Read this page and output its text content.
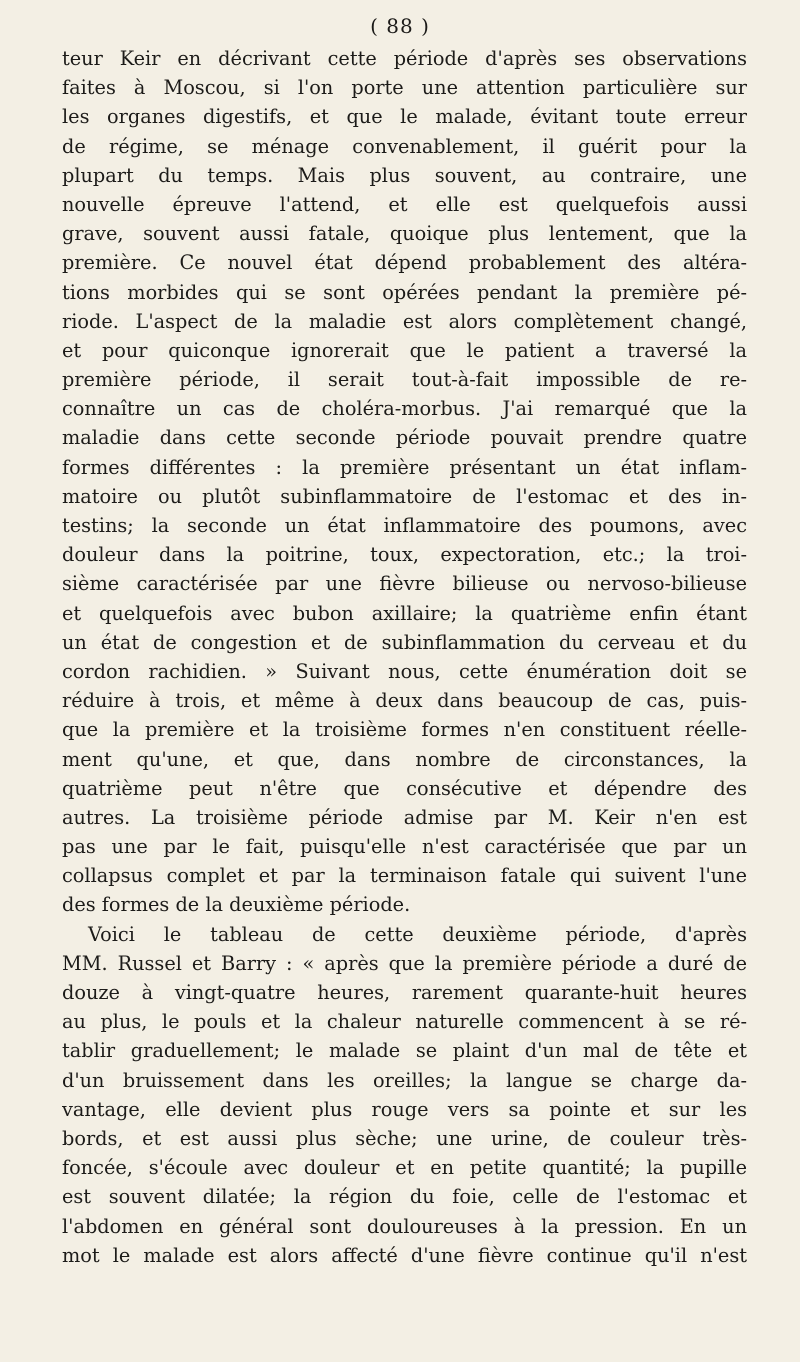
( 88 )
teur Keir en décrivant cette période d'après ses observations
faites à Moscou, si l'on porte une attention particulière sur
les organes digestifs, et que le malade, évitant toute erreur
de régime, se ménage convenablement, il guérit pour la
plupart du temps. Mais plus souvent, au contraire, une
nouvelle épreuve l'attend, et elle est quelquefois aussi
grave, souvent aussi fatale, quoique plus lentement, que la
première. Ce nouvel état dépend probablement des altéra-
tions morbides qui se sont opérées pendant la première pé-
riode. L'aspect de la maladie est alors complètement changé,
et pour quiconque ignorerait que le patient a traversé la
première période, il serait tout-à-fait impossible de re-
connaître un cas de choléra-morbus. J'ai remarqué que la
maladie dans cette seconde période pouvait prendre quatre
formes différentes : la première présentant un état inflam-
matoire ou plutôt subinflammatoire de l'estomac et des in-
testins; la seconde un état inflammatoire des poumons, avec
douleur dans la poitrine, toux, expectoration, etc.; la troi-
sième caractérisée par une fièvre bilieuse ou nervoso-bilieuse
et quelquefois avec bubon axillaire; la quatrième enfin étant
un état de congestion et de subinflammation du cerveau et du
cordon rachidien. » Suivant nous, cette énumération doit se
réduire à trois, et même à deux dans beaucoup de cas, puis-
que la première et la troisième formes n'en constituent réelle-
ment qu'une, et que, dans nombre de circonstances, la
quatrième peut n'être que consécutive et dépendre des
autres. La troisième période admise par M. Keir n'en est
pas une par le fait, puisqu'elle n'est caractérisée que par un
collapsus complet et par la terminaison fatale qui suivent l'une
des formes de la deuxième période.
Voici le tableau de cette deuxième période, d'après
MM. Russel et Barry : « après que la première période a duré de
douze à vingt-quatre heures, rarement quarante-huit heures
au plus, le pouls et la chaleur naturelle commencent à se ré-
tablir graduellement; le malade se plaint d'un mal de tête et
d'un bruissement dans les oreilles; la langue se charge da-
vantage, elle devient plus rouge vers sa pointe et sur les
bords, et est aussi plus sèche; une urine, de couleur très-
foncée, s'écoule avec douleur et en petite quantité; la pupille
est souvent dilatée; la région du foie, celle de l'estomac et
l'abdomen en général sont douloureuses à la pression. En un
mot le malade est alors affecté d'une fièvre continue qu'il n'est
